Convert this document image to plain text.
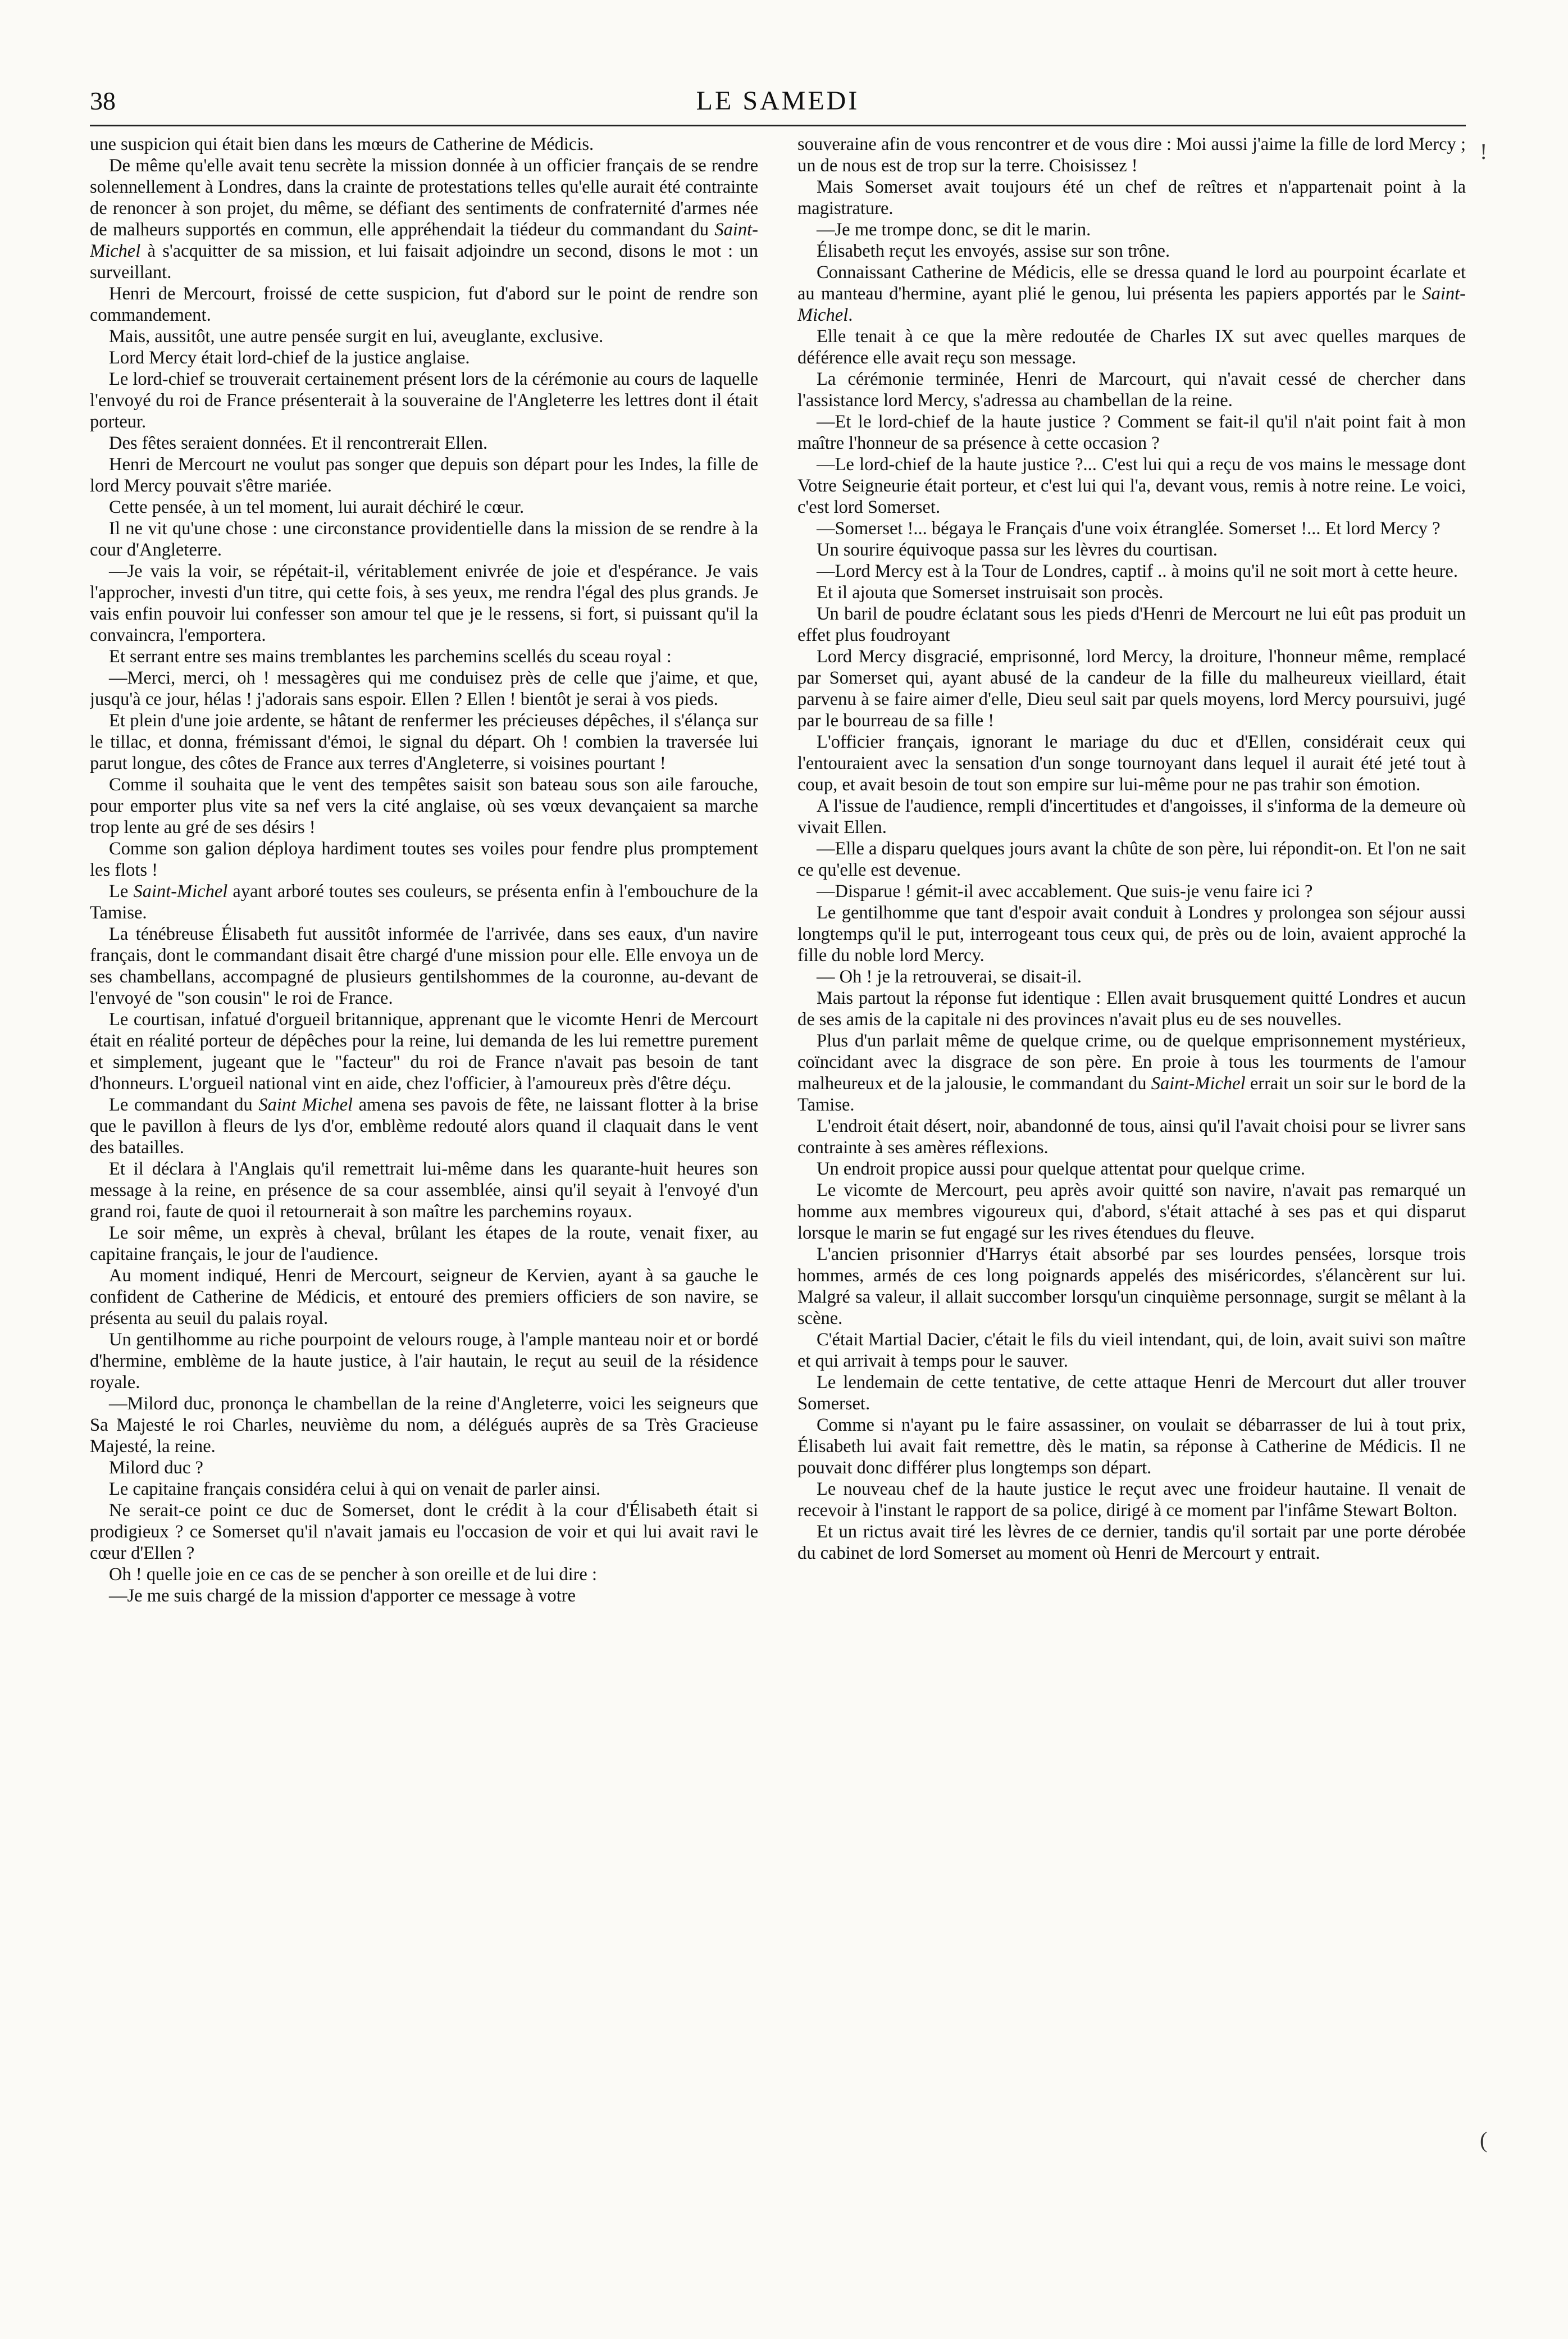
38	LE SAMEDI

une suspicion qui était bien dans les mœurs de Catherine de Médicis.

De même qu'elle avait tenu secrète la mission donnée à un officier français de se rendre solennellement à Londres, dans la crainte de protestations telles qu'elle aurait été contrainte de renoncer à son projet, du même, se défiant des sentiments de confraternité d'armes née de malheurs supportés en commun, elle appréhendait la tiédeur du commandant du Saint-Michel à s'acquitter de sa mission, et lui faisait adjoindre un second, disons le mot : un surveillant.

Henri de Mercourt, froissé de cette suspicion, fut d'abord sur le point de rendre son commandement.

Mais, aussitôt, une autre pensée surgit en lui, aveuglante, exclusive.

Lord Mercy était lord-chief de la justice anglaise.

Le lord-chief se trouverait certainement présent lors de la cérémonie au cours de laquelle l'envoyé du roi de France présenterait à la souveraine de l'Angleterre les lettres dont il était porteur.

Des fêtes seraient données. Et il rencontrerait Ellen.

Henri de Mercourt ne voulut pas songer que depuis son départ pour les Indes, la fille de lord Mercy pouvait s'être mariée.

Cette pensée, à un tel moment, lui aurait déchiré le cœur.

Il ne vit qu'une chose : une circonstance providentielle dans la mission de se rendre à la cour d'Angleterre.

—Je vais la voir, se répétait-il, véritablement enivrée de joie et d'espérance. Je vais l'approcher, investi d'un titre, qui cette fois, à ses yeux, me rendra l'égal des plus grands. Je vais enfin pouvoir lui confesser son amour tel que je le ressens, si fort, si puissant qu'il la convaincra, l'emportera.

Et serrant entre ses mains tremblantes les parchemins scellés du sceau royal :

—Merci, merci, oh ! messagères qui me conduisez près de celle que j'aime, et que, jusqu'à ce jour, hélas ! j'adorais sans espoir. Ellen ? Ellen ! bientôt je serai à vos pieds.

Et plein d'une joie ardente, se hâtant de renfermer les précieuses dépêches, il s'élança sur le tillac, et donna, frémissant d'émoi, le signal du départ. Oh ! combien la traversée lui parut longue, des côtes de France aux terres d'Angleterre, si voisines pourtant !

Comme il souhaita que le vent des tempêtes saisit son bateau sous son aile farouche, pour emporter plus vite sa nef vers la cité anglaise, où ses vœux devançaient sa marche trop lente au gré de ses désirs !

Comme son galion déploya hardiment toutes ses voiles pour fendre plus promptement les flots !

Le Saint-Michel ayant arboré toutes ses couleurs, se présenta enfin à l'embouchure de la Tamise.

La ténébreuse Élisabeth fut aussitôt informée de l'arrivée, dans ses eaux, d'un navire français, dont le commandant disait être chargé d'une mission pour elle. Elle envoya un de ses chambellans, accompagné de plusieurs gentilshommes de la couronne, au-devant de l'envoyé de "son cousin" le roi de France.

Le courtisan, infatué d'orgueil britannique, apprenant que le vicomte Henri de Mercourt était en réalité porteur de dépêches pour la reine, lui demanda de les lui remettre purement et simplement, jugeant que le "facteur" du roi de France n'avait pas besoin de tant d'honneurs. L'orgueil national vint en aide, chez l'officier, à l'amoureux près d'être déçu.

Le commandant du Saint Michel amena ses pavois de fête, ne laissant flotter à la brise que le pavillon à fleurs de lys d'or, emblème redouté alors quand il claquait dans le vent des batailles.

Et il déclara à l'Anglais qu'il remettrait lui-même dans les quarante-huit heures son message à la reine, en présence de sa cour assemblée, ainsi qu'il seyait à l'envoyé d'un grand roi, faute de quoi il retournerait à son maître les parchemins royaux.

Le soir même, un exprès à cheval, brûlant les étapes de la route, venait fixer, au capitaine français, le jour de l'audience.

Au moment indiqué, Henri de Mercourt, seigneur de Kervien, ayant à sa gauche le confident de Catherine de Médicis, et entouré des premiers officiers de son navire, se présenta au seuil du palais royal.

Un gentilhomme au riche pourpoint de velours rouge, à l'ample manteau noir et or bordé d'hermine, emblème de la haute justice, à l'air hautain, le reçut au seuil de la résidence royale.

—Milord duc, prononça le chambellan de la reine d'Angleterre, voici les seigneurs que Sa Majesté le roi Charles, neuvième du nom, a délégués auprès de sa Très Gracieuse Majesté, la reine.

Milord duc ?

Le capitaine français considéra celui à qui on venait de parler ainsi.

Ne serait-ce point ce duc de Somerset, dont le crédit à la cour d'Élisabeth était si prodigieux ? ce Somerset qu'il n'avait jamais eu l'occasion de voir et qui lui avait ravi le cœur d'Ellen ?

Oh ! quelle joie en ce cas de se pencher à son oreille et de lui dire :

—Je me suis chargé de la mission d'apporter ce message à votre

souveraine afin de vous rencontrer et de vous dire : Moi aussi j'aime la fille de lord Mercy ; un de nous est de trop sur la terre. Choisissez !

Mais Somerset avait toujours été un chef de reîtres et n'appartenait point à la magistrature.

—Je me trompe donc, se dit le marin.

Élisabeth reçut les envoyés, assise sur son trône.

Connaissant Catherine de Médicis, elle se dressa quand le lord au pourpoint écarlate et au manteau d'hermine, ayant plié le genou, lui présenta les papiers apportés par le Saint-Michel.

Elle tenait à ce que la mère redoutée de Charles IX sut avec quelles marques de déférence elle avait reçu son message.

La cérémonie terminée, Henri de Marcourt, qui n'avait cessé de chercher dans l'assistance lord Mercy, s'adressa au chambellan de la reine.

—Et le lord-chief de la haute justice ? Comment se fait-il qu'il n'ait point fait à mon maître l'honneur de sa présence à cette occasion ?

—Le lord-chief de la haute justice ?... C'est lui qui a reçu de vos mains le message dont Votre Seigneurie était porteur, et c'est lui qui l'a, devant vous, remis à notre reine. Le voici, c'est lord Somerset.

—Somerset !... bégaya le Français d'une voix étranglée. Somerset !... Et lord Mercy ?

Un sourire équivoque passa sur les lèvres du courtisan.

—Lord Mercy est à la Tour de Londres, captif .. à moins qu'il ne soit mort à cette heure.

Et il ajouta que Somerset instruisait son procès.

Un baril de poudre éclatant sous les pieds d'Henri de Mercourt ne lui eût pas produit un effet plus foudroyant

Lord Mercy disgracié, emprisonné, lord Mercy, la droiture, l'honneur même, remplacé par Somerset qui, ayant abusé de la candeur de la fille du malheureux vieillard, était parvenu à se faire aimer d'elle, Dieu seul sait par quels moyens, lord Mercy poursuivi, jugé par le bourreau de sa fille !

L'officier français, ignorant le mariage du duc et d'Ellen, considérait ceux qui l'entouraient avec la sensation d'un songe tournoyant dans lequel il aurait été jeté tout à coup, et avait besoin de tout son empire sur lui-même pour ne pas trahir son émotion.

A l'issue de l'audience, rempli d'incertitudes et d'angoisses, il s'informa de la demeure où vivait Ellen.

—Elle a disparu quelques jours avant la chûte de son père, lui répondit-on. Et l'on ne sait ce qu'elle est devenue.

—Disparue ! gémit-il avec accablement. Que suis-je venu faire ici ?

Le gentilhomme que tant d'espoir avait conduit à Londres y prolongea son séjour aussi longtemps qu'il le put, interrogeant tous ceux qui, de près ou de loin, avaient approché la fille du noble lord Mercy.

— Oh ! je la retrouverai, se disait-il.

Mais partout la réponse fut identique : Ellen avait brusquement quitté Londres et aucun de ses amis de la capitale ni des provinces n'avait plus eu de ses nouvelles.

Plus d'un parlait même de quelque crime, ou de quelque emprisonnement mystérieux, coïncidant avec la disgrace de son père. En proie à tous les tourments de l'amour malheureux et de la jalousie, le commandant du Saint-Michel errait un soir sur le bord de la Tamise.

L'endroit était désert, noir, abandonné de tous, ainsi qu'il l'avait choisi pour se livrer sans contrainte à ses amères réflexions.

Un endroit propice aussi pour quelque attentat pour quelque crime.

Le vicomte de Mercourt, peu après avoir quitté son navire, n'avait pas remarqué un homme aux membres vigoureux qui, d'abord, s'était attaché à ses pas et qui disparut lorsque le marin se fut engagé sur les rives étendues du fleuve.

L'ancien prisonnier d'Harrys était absorbé par ses lourdes pensées, lorsque trois hommes, armés de ces long poignards appelés des miséricordes, s'élancèrent sur lui. Malgré sa valeur, il allait succomber lorsqu'un cinquième personnage, surgit se mêlant à la scène.

C'était Martial Dacier, c'était le fils du vieil intendant, qui, de loin, avait suivi son maître et qui arrivait à temps pour le sauver.

Le lendemain de cette tentative, de cette attaque Henri de Mercourt dut aller trouver Somerset.

Comme si n'ayant pu le faire assassiner, on voulait se débarrasser de lui à tout prix, Élisabeth lui avait fait remettre, dès le matin, sa réponse à Catherine de Médicis. Il ne pouvait donc différer plus longtemps son départ.

Le nouveau chef de la haute justice le reçut avec une froideur hautaine. Il venait de recevoir à l'instant le rapport de sa police, dirigé à ce moment par l'infâme Stewart Bolton.

Et un rictus avait tiré les lèvres de ce dernier, tandis qu'il sortait par une porte dérobée du cabinet de lord Somerset au moment où Henri de Mercourt y entrait.

!
(
